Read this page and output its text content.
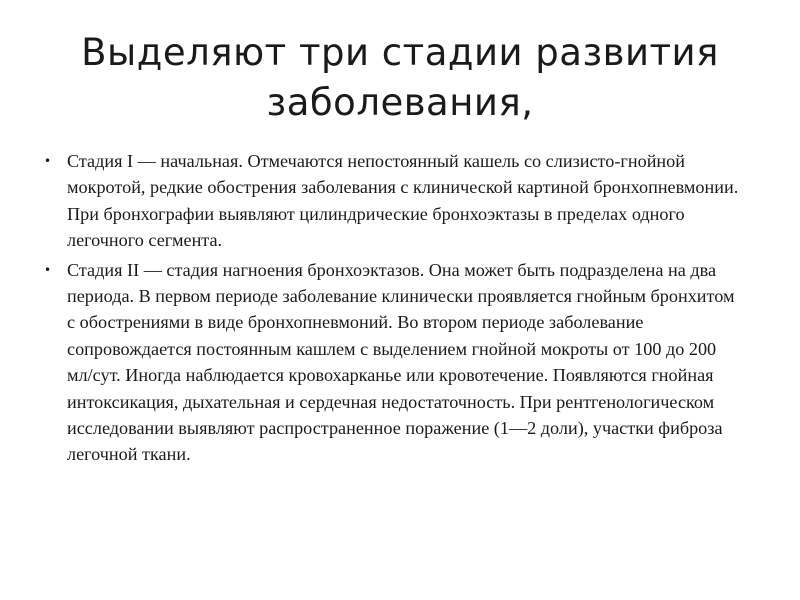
Выделяют три стадии развития заболевания,
• Стадия I — начальная. Отмечаются непостоянный кашель со слизисто-гнойной мокротой, редкие обострения заболевания с клинической картиной бронхопневмонии. При бронхографии выявляют цилиндрические бронхоэктазы в пределах одного легочного сегмента.
• Стадия II — стадия нагноения бронхоэктазов. Она может быть подразделена на два периода. В первом периоде заболевание клинически проявляется гнойным бронхитом с обострениями в виде бронхопневмоний. Во втором периоде заболевание сопровождается постоянным кашлем с выделением гнойной мокроты от 100 до 200 мл/сут. Иногда наблюдается кровохарканье или кровотечение. Появляются гнойная интоксикация, дыхательная и сердечная недостаточность. При рентгенологическом исследовании выявляют распространенное поражение (1—2 доли), участки фиброза легочной ткани.
